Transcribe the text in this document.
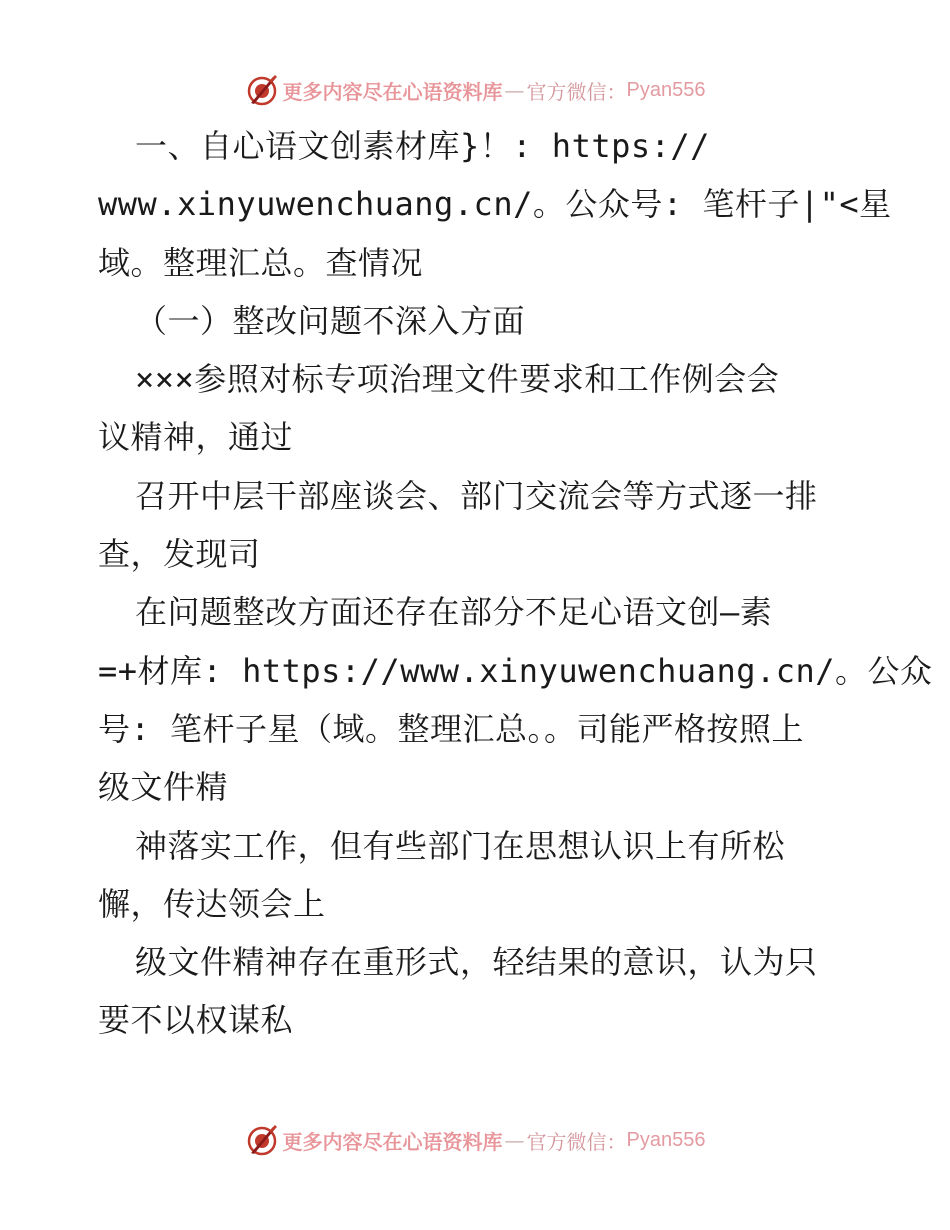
更多内容尽在心语资料库 — 官方微信： Pyan556
一、自心语文创素材库}！: https://
www.xinyuwenchuang.cn/。公众号: 笔杆子|"<星
域。整理汇总。查情况
（一）整改问题不深入方面
×××参照对标专项治理文件要求和工作例会会
议精神，通过
召开中层干部座谈会、部门交流会等方式逐一排
查，发现司
在问题整改方面还存在部分不足心语文创—素
=+材库: https://www.xinyuwenchuang.cn/。公众
号: 笔杆子星（域。整理汇总。。司能严格按照上
级文件精
神落实工作，但有些部门在思想认识上有所松
懈，传达领会上
级文件精神存在重形式，轻结果的意识，认为只
要不以权谋私
更多内容尽在心语资料库 — 官方微信： Pyan556
